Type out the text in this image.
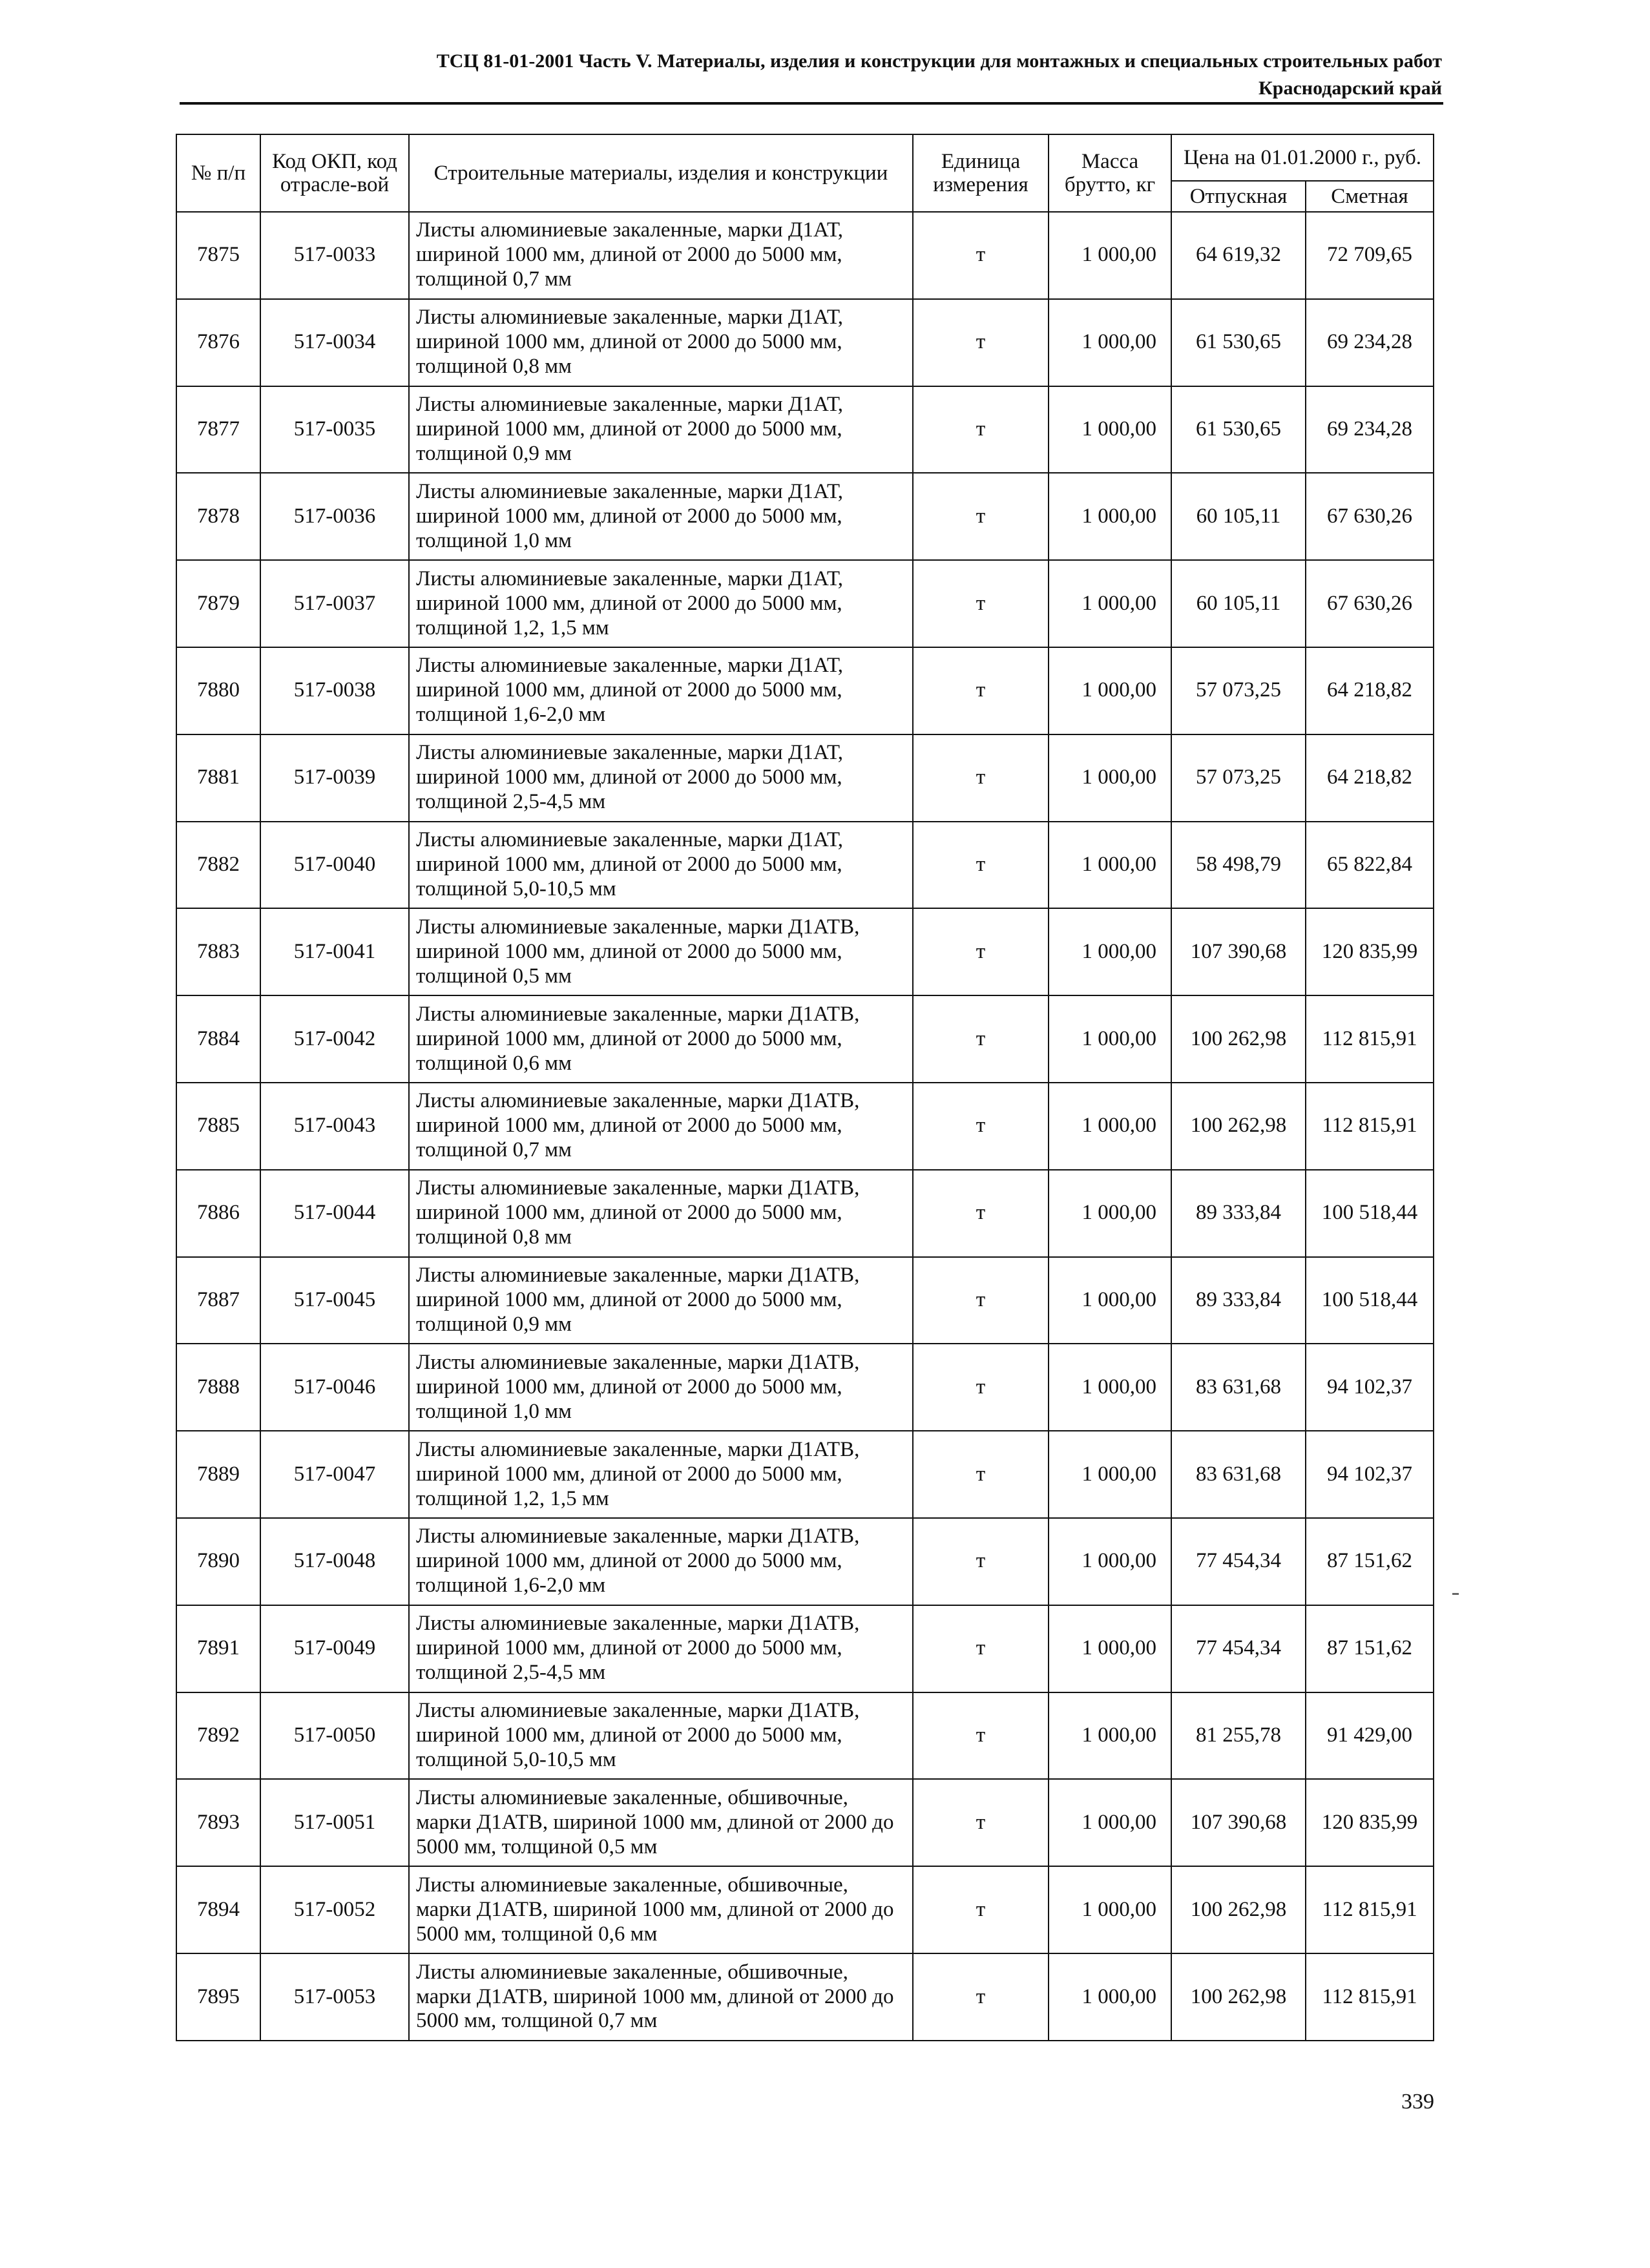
ТСЦ 81-01-2001 Часть V. Материалы, изделия и конструкции для монтажных и специальных строительных работ
Краснодарский край
№ п/п	Код ОКП, код отрасле-вой	Строительные материалы, изделия и конструкции	Единица измерения	Масса брутто, кг	Цена на 01.01.2000 г., руб.	
					Отпускная	Сметная
7875	517-0033	Листы алюминиевые закаленные, марки Д1АТ, шириной 1000 мм, длиной от 2000 до 5000 мм, толщиной 0,7 мм	т	1 000,00	64 619,32	72 709,65
7876	517-0034	Листы алюминиевые закаленные, марки Д1АТ, шириной 1000 мм, длиной от 2000 до 5000 мм, толщиной 0,8 мм	т	1 000,00	61 530,65	69 234,28
7877	517-0035	Листы алюминиевые закаленные, марки Д1АТ, шириной 1000 мм, длиной от 2000 до 5000 мм, толщиной 0,9 мм	т	1 000,00	61 530,65	69 234,28
7878	517-0036	Листы алюминиевые закаленные, марки Д1АТ, шириной 1000 мм, длиной от 2000 до 5000 мм, толщиной 1,0 мм	т	1 000,00	60 105,11	67 630,26
7879	517-0037	Листы алюминиевые закаленные, марки Д1АТ, шириной 1000 мм, длиной от 2000 до 5000 мм, толщиной 1,2, 1,5 мм	т	1 000,00	60 105,11	67 630,26
7880	517-0038	Листы алюминиевые закаленные, марки Д1АТ, шириной 1000 мм, длиной от 2000 до 5000 мм, толщиной 1,6-2,0 мм	т	1 000,00	57 073,25	64 218,82
7881	517-0039	Листы алюминиевые закаленные, марки Д1АТ, шириной 1000 мм, длиной от 2000 до 5000 мм, толщиной 2,5-4,5 мм	т	1 000,00	57 073,25	64 218,82
7882	517-0040	Листы алюминиевые закаленные, марки Д1АТ, шириной 1000 мм, длиной от 2000 до 5000 мм, толщиной 5,0-10,5 мм	т	1 000,00	58 498,79	65 822,84
7883	517-0041	Листы алюминиевые закаленные, марки Д1АТВ, шириной 1000 мм, длиной от 2000 до 5000 мм, толщиной 0,5 мм	т	1 000,00	107 390,68	120 835,99
7884	517-0042	Листы алюминиевые закаленные, марки Д1АТВ, шириной 1000 мм, длиной от 2000 до 5000 мм, толщиной 0,6 мм	т	1 000,00	100 262,98	112 815,91
7885	517-0043	Листы алюминиевые закаленные, марки Д1АТВ, шириной 1000 мм, длиной от 2000 до 5000 мм, толщиной 0,7 мм	т	1 000,00	100 262,98	112 815,91
7886	517-0044	Листы алюминиевые закаленные, марки Д1АТВ, шириной 1000 мм, длиной от 2000 до 5000 мм, толщиной 0,8 мм	т	1 000,00	89 333,84	100 518,44
7887	517-0045	Листы алюминиевые закаленные, марки Д1АТВ, шириной 1000 мм, длиной от 2000 до 5000 мм, толщиной 0,9 мм	т	1 000,00	89 333,84	100 518,44
7888	517-0046	Листы алюминиевые закаленные, марки Д1АТВ, шириной 1000 мм, длиной от 2000 до 5000 мм, толщиной 1,0 мм	т	1 000,00	83 631,68	94 102,37
7889	517-0047	Листы алюминиевые закаленные, марки Д1АТВ, шириной 1000 мм, длиной от 2000 до 5000 мм, толщиной 1,2, 1,5 мм	т	1 000,00	83 631,68	94 102,37
7890	517-0048	Листы алюминиевые закаленные, марки Д1АТВ, шириной 1000 мм, длиной от 2000 до 5000 мм, толщиной 1,6-2,0 мм	т	1 000,00	77 454,34	87 151,62
7891	517-0049	Листы алюминиевые закаленные, марки Д1АТВ, шириной 1000 мм, длиной от 2000 до 5000 мм, толщиной 2,5-4,5 мм	т	1 000,00	77 454,34	87 151,62
7892	517-0050	Листы алюминиевые закаленные, марки Д1АТВ, шириной 1000 мм, длиной от 2000 до 5000 мм, толщиной 5,0-10,5 мм	т	1 000,00	81 255,78	91 429,00
7893	517-0051	Листы алюминиевые закаленные, обшивочные, марки Д1АТВ, шириной 1000 мм, длиной от 2000 до 5000 мм, толщиной 0,5 мм	т	1 000,00	107 390,68	120 835,99
7894	517-0052	Листы алюминиевые закаленные, обшивочные, марки Д1АТВ, шириной 1000 мм, длиной от 2000 до 5000 мм, толщиной 0,6 мм	т	1 000,00	100 262,98	112 815,91
7895	517-0053	Листы алюминиевые закаленные, обшивочные, марки Д1АТВ, шириной 1000 мм, длиной от 2000 до 5000 мм, толщиной 0,7 мм	т	1 000,00	100 262,98	112 815,91
339
